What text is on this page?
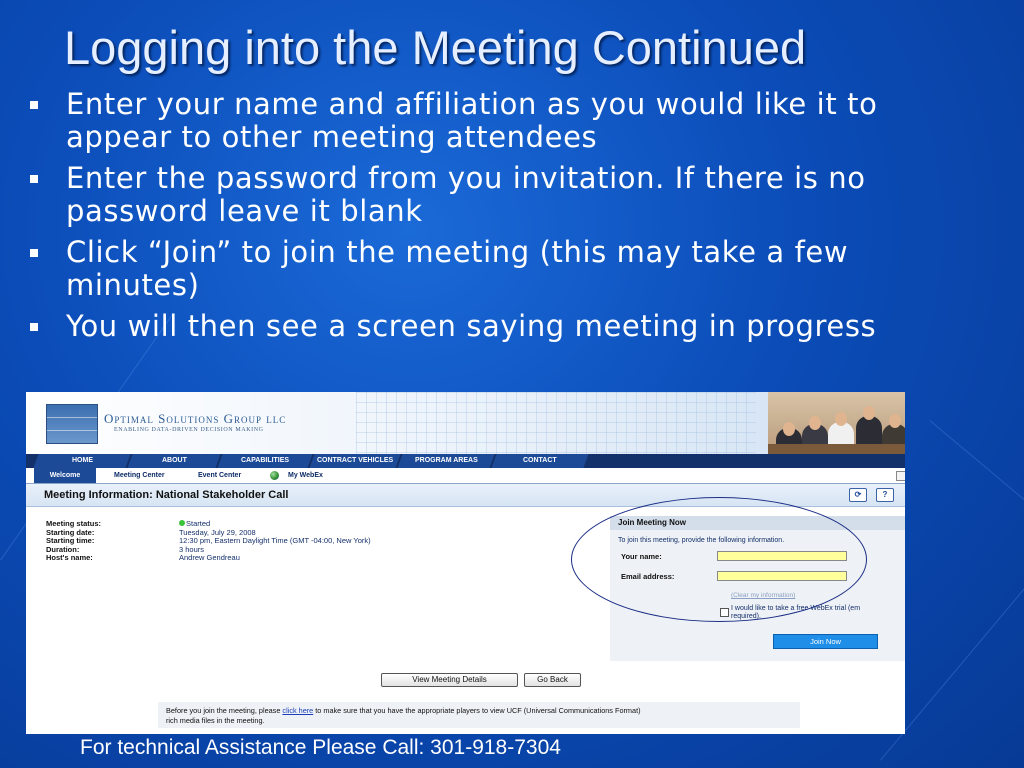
Logging into the Meeting Continued
Enter your name and affiliation as you would like it to appear to other meeting attendees
Enter the password from you invitation. If there is no password leave it blank
Click “Join” to join the meeting (this may take a few minutes)
You will then see a screen saying meeting in progress
Optimal Solutions Group llc
ENABLING DATA-DRIVEN DECISION MAKING
HOME	ABOUT	CAPABILITIES	CONTRACT VEHICLES	PROGRAM AREAS	CONTACT
Welcome	Meeting Center	Event Center	My WebEx
Meeting Information: National Stakeholder Call	⟳	?
Meeting status:	Started
Starting date:	Tuesday, July 29, 2008
Starting time:	12:30 pm, Eastern Daylight Time (GMT -04:00, New York)
Duration:	3 hours
Host's name:	Andrew Gendreau
Join Meeting Now
To join this meeting, provide the following information.
Your name:
Email address:
(Clear my information)
I would like to take a free WebEx trial (em
required).
Join Now
View Meeting Details	Go Back
Before you join the meeting, please click here to make sure that you have the appropriate players to view UCF (Universal Communications Format)
rich media files in the meeting.
For technical Assistance Please Call: 301-918-7304
